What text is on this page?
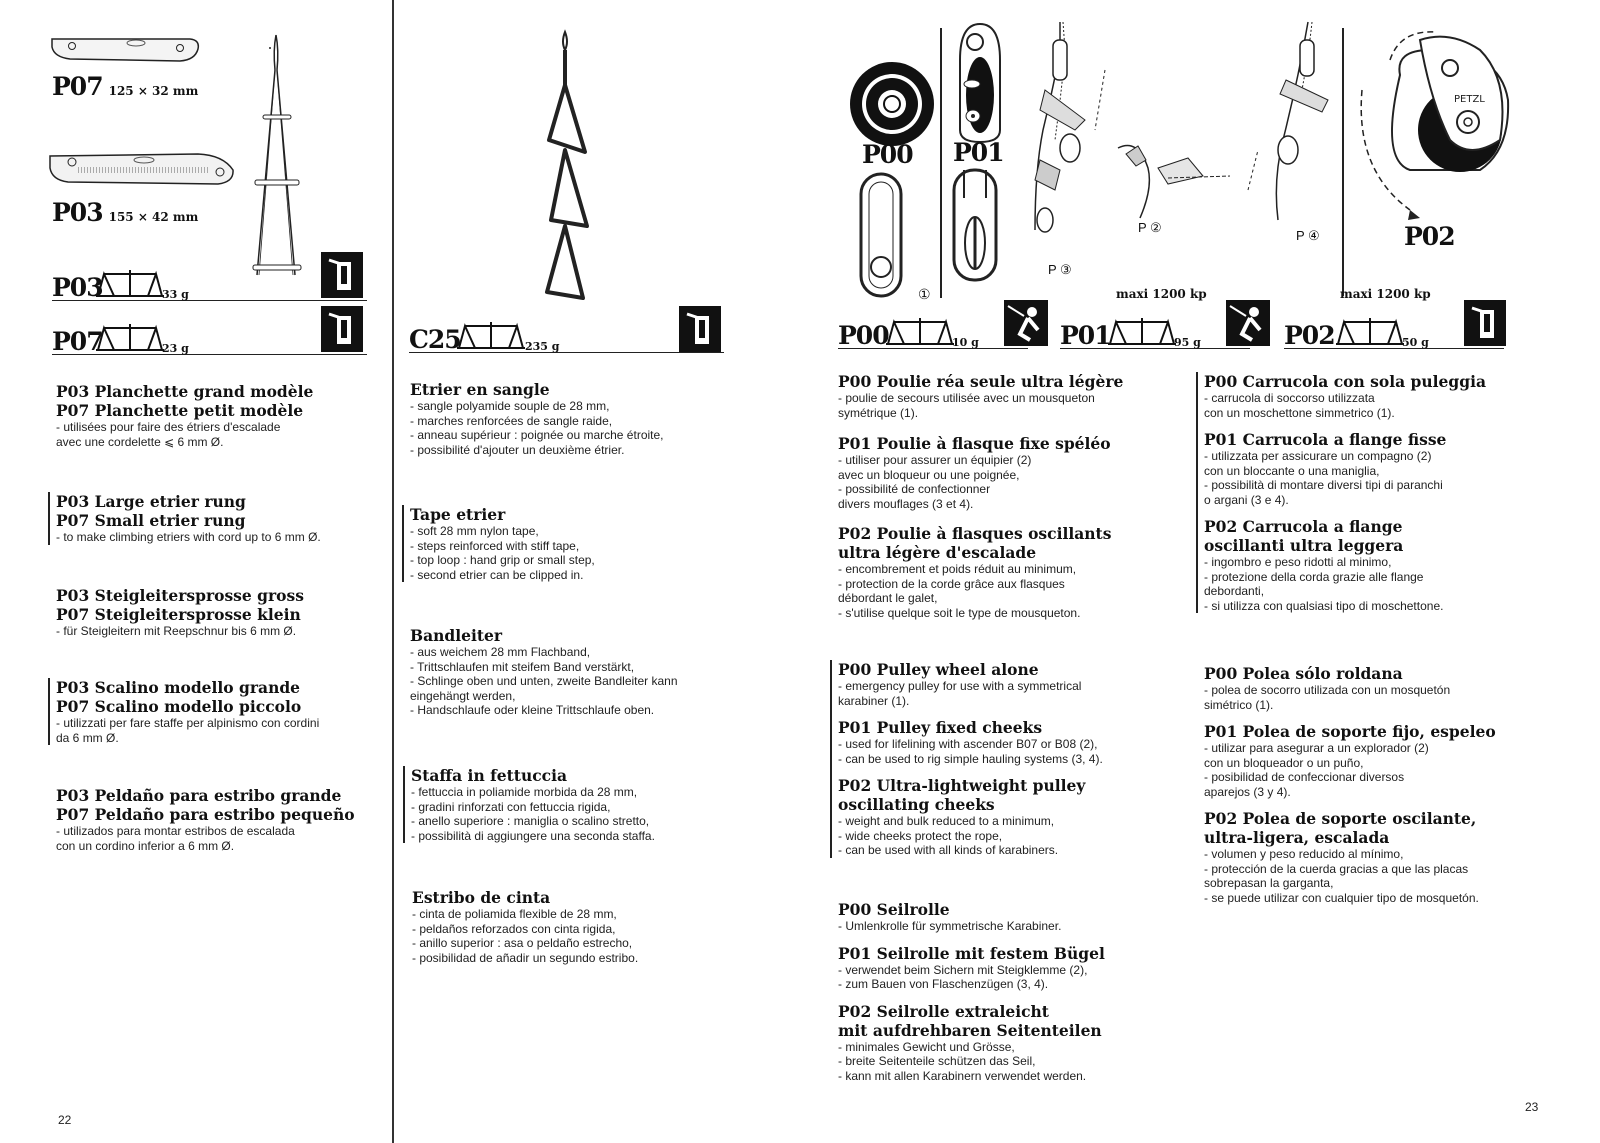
P07 125 × 32 mm
P03 155 × 42 mm
P03	33 g
P07	23 g	C25	235 g

P03 Planchette grand modèle

P07 Planchette petit modèle

- utilisées pour faire des étriers d'escalade

avec une cordelette ⩽ 6 mm Ø.

P03 Large etrier rung

P07 Small etrier rung

- to make climbing etriers with cord up to 6 mm Ø.

P03 Steigleitersprosse gross

P07 Steigleitersprosse klein

- für Steigleitern mit Reepschnur bis 6 mm Ø.

P03 Scalino modello grande

P07 Scalino modello piccolo

- utilizzati per fare staffe per alpinismo con cordini

da 6 mm Ø.

P03 Peldaño para estribo grande

P07 Peldaño para estribo pequeño

- utilizados para montar estribos de escalada

con un cordino inferior a 6 mm Ø.

Etrier en sangle

- sangle polyamide souple de 28 mm,

- marches renforcées de sangle raide,

- anneau supérieur : poignée ou marche étroite,

- possibilité d'ajouter un deuxième étrier.

Tape etrier

- soft 28 mm nylon tape,

- steps reinforced with stiff tape,

- top loop : hand grip or small step,

- second etrier can be clipped in.

Bandleiter

- aus weichem 28 mm Flachband,

- Trittschlaufen mit steifem Band verstärkt,

- Schlinge oben und unten, zweite Bandleiter kann

eingehängt werden,

- Handschlaufe oder kleine Trittschlaufe oben.

Staffa in fettuccia

- fettuccia in poliamide morbida da 28 mm,

- gradini rinforzati con fettuccia rigida,

- anello superiore : maniglia o scalino stretto,

- possibilità di aggiungere una seconda staffa.

Estribo de cinta

- cinta de poliamida flexible de 28 mm,

- peldaños reforzados con cinta rigida,

- anillo superior : asa o peldaño estrecho,

- posibilidad de añadir un segundo estribo.

22
P00
①
P01
P ③
P ②
P ④
PETZL
P02
maxi 1200 kp	maxi 1200 kp
P00	10 g	P01	95 g	P02	50 g

P00 Poulie réa seule ultra légère

- poulie de secours utilisée avec un mousqueton

symétrique (1).

P01 Poulie à flasque fixe spéléo

- utiliser pour assurer un équipier (2)

avec un bloqueur ou une poignée,

- possibilité de confectionner

divers mouflages (3 et 4).

P02 Poulie à flasques oscillants

ultra légère d'escalade

- encombrement et poids réduit au minimum,

- protection de la corde grâce aux flasques

débordant le galet,

- s'utilise quelque soit le type de mousqueton.

P00 Pulley wheel alone

- emergency pulley for use with a symmetrical

karabiner (1).

P01 Pulley fixed cheeks

- used for lifelining with ascender B07 or B08 (2),

- can be used to rig simple hauling systems (3, 4).

P02 Ultra-lightweight pulley

oscillating cheeks

- weight and bulk reduced to a minimum,

- wide cheeks protect the rope,

- can be used with all kinds of karabiners.

P00 Seilrolle

- Umlenkrolle für symmetrische Karabiner.

P01 Seilrolle mit festem Bügel

- verwendet beim Sichern mit Steigklemme (2),

- zum Bauen von Flaschenzügen (3, 4).

P02 Seilrolle extraleicht

mit aufdrehbaren Seitenteilen

- minimales Gewicht und Grösse,

- breite Seitenteile schützen das Seil,

- kann mit allen Karabinern verwendet werden.

P00 Carrucola con sola puleggia

- carrucola di soccorso utilizzata

con un moschettone simmetrico (1).

P01 Carrucola a flange fisse

- utilizzata per assicurare un compagno (2)

con un bloccante o una maniglia,

- possibilità di montare diversi tipi di paranchi

o argani (3 e 4).

P02 Carrucola a flange

oscillanti ultra leggera

- ingombro e peso ridotti al minimo,

- protezione della corda grazie alle flange

debordanti,

- si utilizza con qualsiasi tipo di moschettone.

P00 Polea sólo roldana

- polea de socorro utilizada con un mosquetón

simétrico (1).

P01 Polea de soporte fijo, espeleo

- utilizar para asegurar a un explorador (2)

con un bloqueador o un puño,

- posibilidad de confeccionar diversos

aparejos (3 y 4).

P02 Polea de soporte oscilante,

ultra-ligera, escalada

- volumen y peso reducido al mínimo,

- protección de la cuerda gracias a que las placas

sobrepasan la garganta,

- se puede utilizar con cualquier tipo de mosquetón.

23
